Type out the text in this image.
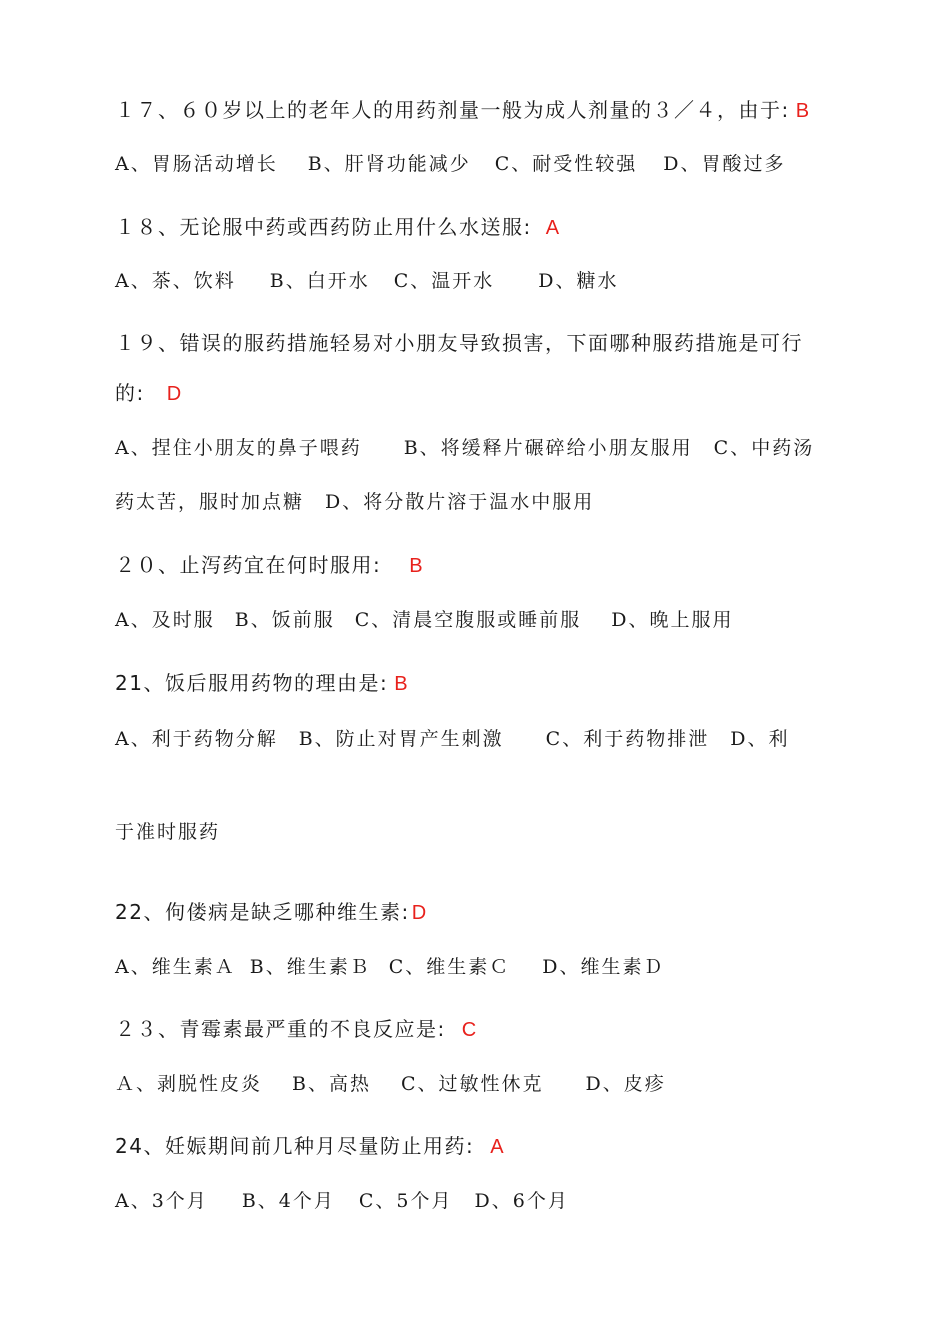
１７、６０岁以上的老年人的用药剂量一般为成人剂量的３／４，由于: B
A、胃肠活动增长 B、肝肾功能减少 C、耐受性较强 D、胃酸过多
１８、无论服中药或西药防止用什么水送服: A
A、茶、饮料 B、白开水 C、温开水 D、糖水
１９、错误的服药措施轻易对小朋友导致损害，下面哪种服药措施是可行
的: D
A、捏住小朋友的鼻子喂药　　B、将缓释片碾碎给小朋友服用　C、中药汤
药太苦，服时加点糖　D、将分散片溶于温水中服用
２０、止泻药宜在何时服用: B
A、及时服 B、饭前服 C、清晨空腹服或睡前服 D、晚上服用
21、饭后服用药物的理由是: B
A、利于药物分解　B、防止对胃产生刺激　　C、利于药物排泄　D、利
于准时服药
22、佝偻病是缺乏哪种维生素: D
A、维生素Ａ B、维生素Ｂ C、维生素Ｃ D、维生素Ｄ
２３、青霉素最严重的不良反应是: C
Ａ、剥脱性皮炎 B、高热 C、过敏性休克 D、皮疹
24、妊娠期间前几种月尽量防止用药: A
A、3个月 B、4个月 C、5个月 D、6个月
